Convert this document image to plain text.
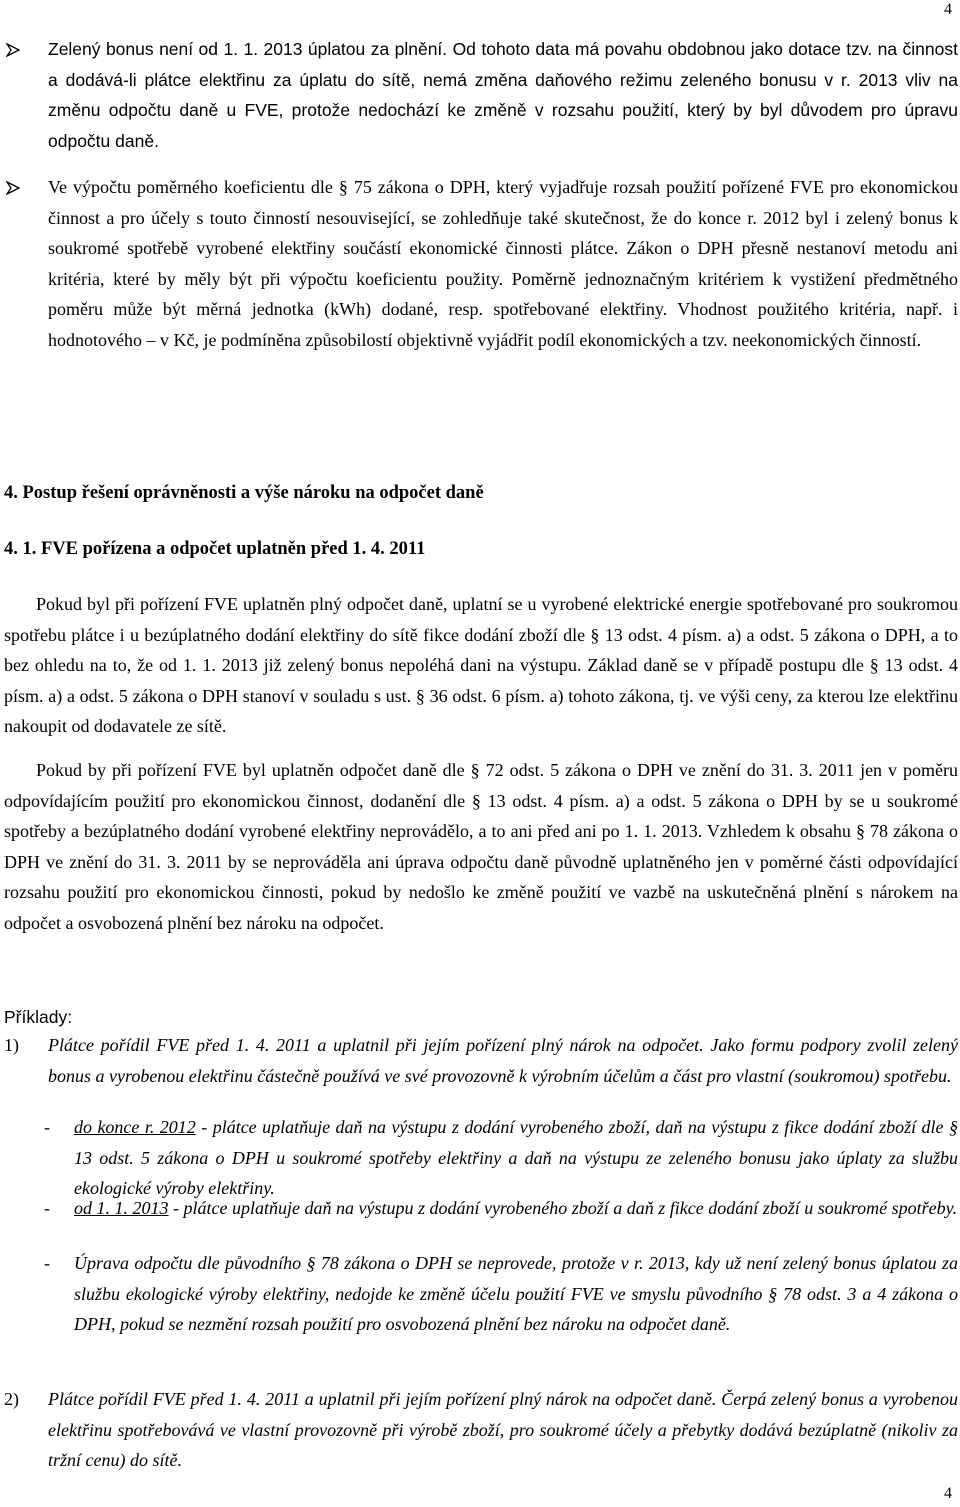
4
Zelený bonus není od 1. 1. 2013 úplatou za plnění. Od tohoto data má povahu obdobnou jako dotace tzv. na činnost a dodává-li plátce elektřinu za úplatu do sítě, nemá změna daňového režimu zeleného bonusu v r. 2013 vliv na změnu odpočtu daně u FVE, protože nedochází ke změně v rozsahu použití, který by byl důvodem pro úpravu odpočtu daně.
Ve výpočtu poměrného koeficientu dle § 75 zákona o DPH, který vyjadřuje rozsah použití pořízené FVE pro ekonomickou činnost a pro účely s touto činností nesouvisející, se zohledňuje také skutečnost, že do konce r. 2012 byl i zelený bonus k soukromé spotřebě vyrobené elektřiny součástí ekonomické činnosti plátce. Zákon o DPH přesně nestanoví metodu ani kritéria, které by měly být při výpočtu koeficientu použity. Poměrně jednoznačným kritériem k vystižení předmětného poměru může být měrná jednotka (kWh) dodané, resp. spotřebované elektřiny. Vhodnost použitého kritéria, např. i hodnotového – v Kč, je podmíněna způsobilostí objektivně vyjádřit podíl ekonomických a tzv. neekonomických činností.
4. Postup řešení oprávněnosti a výše nároku na odpočet daně
4. 1. FVE pořízena a odpočet uplatněn před 1. 4. 2011
Pokud byl při pořízení FVE uplatněn plný odpočet daně, uplatní se u vyrobené elektrické energie spotřebované pro soukromou spotřebu plátce i u bezúplatného dodání elektřiny do sítě fikce dodání zboží dle § 13 odst. 4 písm. a) a odst. 5 zákona o DPH, a to bez ohledu na to, že od 1. 1. 2013 již zelený bonus nepoléhá dani na výstupu. Základ daně se v případě postupu dle § 13 odst. 4 písm. a) a odst. 5 zákona o DPH stanoví v souladu s ust. § 36 odst. 6 písm. a) tohoto zákona, tj. ve výši ceny, za kterou lze elektřinu nakoupit od dodavatele ze sítě.
Pokud by při pořízení FVE byl uplatněn odpočet daně dle § 72 odst. 5 zákona o DPH ve znění do 31. 3. 2011 jen v poměru odpovídajícím použití pro ekonomickou činnost, dodanění dle § 13 odst. 4 písm. a) a odst. 5 zákona o DPH by se u soukromé spotřeby a bezúplatného dodání vyrobené elektřiny neprovádělo, a to ani před ani po 1. 1. 2013. Vzhledem k obsahu § 78 zákona o DPH ve znění do 31. 3. 2011 by se neprováděla ani úprava odpočtu daně původně uplatněného jen v poměrné části odpovídající rozsahu použití pro ekonomickou činnosti, pokud by nedošlo ke změně použití ve vazbě na uskutečněná plnění s nárokem na odpočet a osvobozená plnění bez nároku na odpočet.
Příklady:
1) Plátce pořídil FVE před 1. 4. 2011 a uplatnil při jejím pořízení plný nárok na odpočet. Jako formu podpory zvolil zelený bonus a vyrobenou elektřinu částečně používá ve své provozovně k výrobním účelům a část pro vlastní (soukromou) spotřebu.
- do konce r. 2012 - plátce uplatňuje daň na výstupu z dodání vyrobeného zboží, daň na výstupu z fikce dodání zboží dle § 13 odst. 5 zákona o DPH u soukromé spotřeby elektřiny a daň na výstupu ze zeleného bonusu jako úplaty za službu ekologické výroby elektřiny.
- od 1. 1. 2013 - plátce uplatňuje daň na výstupu z dodání vyrobeného zboží a daň z fikce dodání zboží u soukromé spotřeby.
- Úprava odpočtu dle původního § 78 zákona o DPH se neprovede, protože v r. 2013, kdy už není zelený bonus úplatou za službu ekologické výroby elektřiny, nedojde ke změně účelu použití FVE ve smyslu původního § 78 odst. 3 a 4 zákona o DPH, pokud se nezmění rozsah použití pro osvobozená plnění bez nároku na odpočet daně.
2) Plátce pořídil FVE před 1. 4. 2011 a uplatnil při jejím pořízení plný nárok na odpočet daně. Čerpá zelený bonus a vyrobenou elektřinu spotřebovává ve vlastní provozovně při výrobě zboží, pro soukromé účely a přebytky dodává bezúplatně (nikoliv za tržní cenu) do sítě.
4
